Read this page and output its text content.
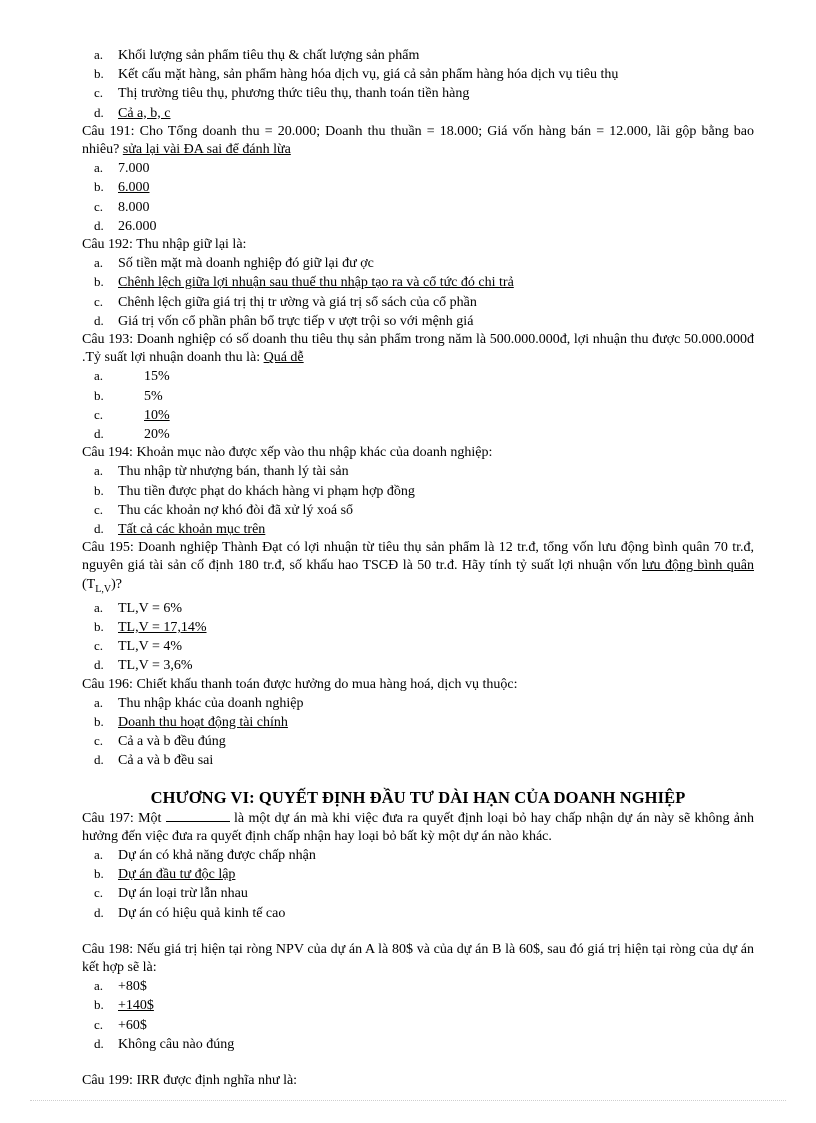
a. Khối lượng sản phẩm tiêu thụ & chất lượng sản phẩm
b. Kết cấu mặt hàng, sản phẩm hàng hóa dịch vụ, giá cả sản phẩm hàng hóa dịch vụ tiêu thụ
c. Thị trường tiêu thụ, phương thức tiêu thụ, thanh toán tiền hàng
d. Cả a, b, c
Câu 191: Cho Tổng doanh thu = 20.000; Doanh thu thuần = 18.000; Giá vốn hàng bán = 12.000, lãi gộp bằng bao nhiêu? sửa lại vài ĐA sai để đánh lừa
a. 7.000
b. 6.000
c. 8.000
d. 26.000
Câu 192: Thu nhập giữ lại là:
a. Số tiền mặt mà doanh nghiệp đó giữ lại đư ợc
b. Chênh lệch giữa lợi nhuận sau thuế thu nhập tạo ra và cổ tức đó chi trả
c. Chênh lệch giữa giá trị thị tr ường và giá trị sổ sách của cổ phần
d. Giá trị vốn cổ phần phân bổ trực tiếp v ượt trội so với mệnh giá
Câu 193: Doanh nghiệp có số doanh thu tiêu thụ sản phẩm trong năm là 500.000.000đ, lợi nhuận thu được 50.000.000đ .Tỷ suất lợi nhuận doanh thu là: Quá dễ
a.	15%
b.	5%
c.	10%
d.	20%
Câu 194: Khoản mục nào được xếp vào thu nhập khác của doanh nghiệp:
a. Thu nhập từ nhượng bán, thanh lý tài sản
b. Thu tiền được phạt do khách hàng vi phạm hợp đồng
c. Thu các khoản nợ khó đòi đã xử lý xoá sổ
d. Tất cả các khoản mục trên
Câu 195: Doanh nghiệp Thành Đạt có lợi nhuận từ tiêu thụ sản phẩm là 12 tr.đ, tổng vốn lưu động bình quân 70 tr.đ, nguyên giá tài sản cố định 180 tr.đ, số khấu hao TSCĐ là 50 tr.đ. Hãy tính tỷ suất lợi nhuận vốn lưu động bình quân $(T_{L,V})$?
a. TL,V = 6%
b. TL,V = 17,14%
c. TL,V = 4%
d. TL,V = 3,6%
Câu 196: Chiết khấu thanh toán được hưởng do mua hàng hoá, dịch vụ thuộc:
a. Thu nhập khác của doanh nghiệp
b. Doanh thu hoạt động tài chính
c. Cả a và b đều đúng
d. Cả a và b đều sai
CHƯƠNG VI: QUYẾT ĐỊNH ĐẦU TƯ DÀI HẠN CỦA DOANH NGHIỆP
Câu 197: Một	là một dự án mà khi việc đưa ra quyết định loại bỏ hay chấp nhận dự án này sẽ không ảnh hưởng đến việc đưa ra quyết định chấp nhận hay loại bỏ bất kỳ một dự án nào khác.
a. Dự án có khả năng được chấp nhận
b. Dự án đầu tư độc lập
c. Dự án loại trừ lẫn nhau
d. Dự án có hiệu quả kinh tế cao
Câu 198: Nếu giá trị hiện tại ròng NPV của dự án A là 80$ và của dự án B là 60$, sau đó giá trị hiện tại ròng của dự án kết hợp sẽ là:
a. +80$
b. +140$
c. +60$
d. Không câu nào đúng
Câu 199: IRR được định nghĩa như là:
